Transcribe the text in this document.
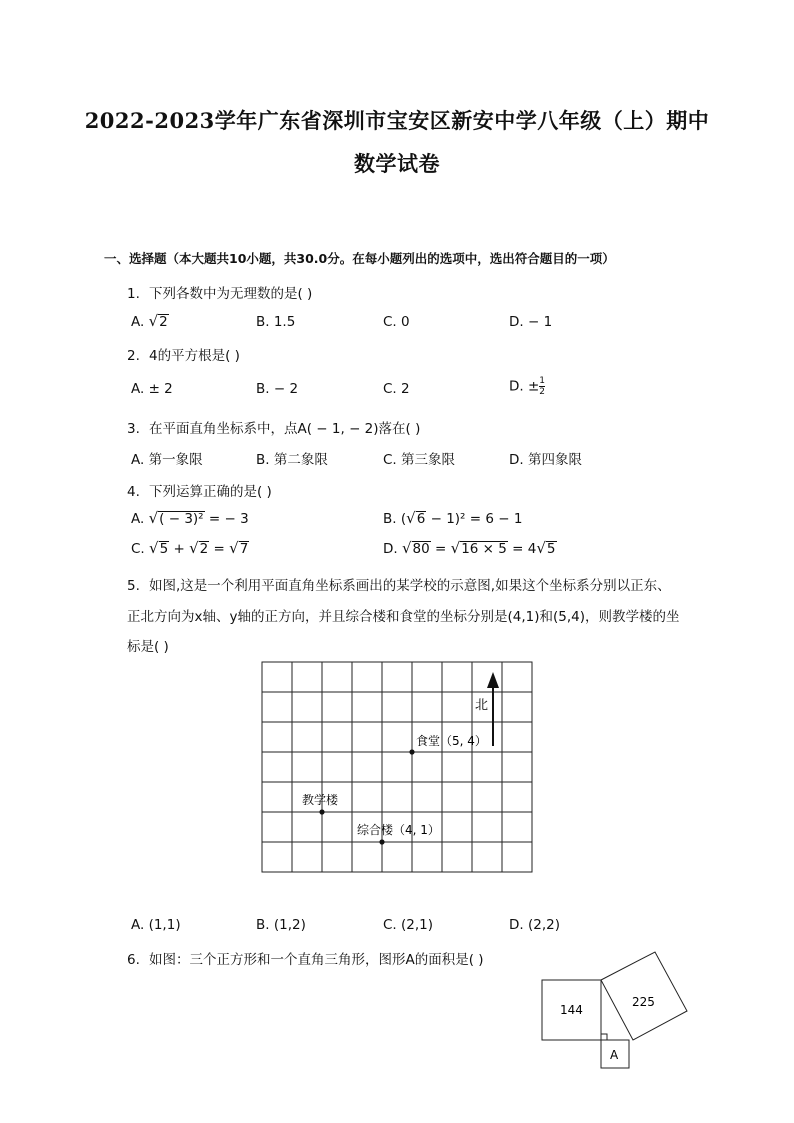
2022-2023学年广东省深圳市宝安区新安中学八年级（上）期中
数学试卷
一、选择题（本大题共10小题，共30.0分。在每小题列出的选项中，选出符合题目的一项）
1. 下列各数中为无理数的是( )
A. √2	B. 1.5	C. 0	D. − 1
2. 4的平方根是( )
A. ± 2	B. − 2	C. 2	D. ± $\frac{1}{2}$
3. 在平面直角坐标系中，点A( − 1, − 2)落在( )
A. 第一象限	B. 第二象限	C. 第三象限	D. 第四象限
4. 下列运算正确的是( )
A. √( − 3)² = − 3	B. (√6 − 1)² = 6 − 1
C. √5 + √2 = √7	D. √80 = √16 × 5 = 4√5
5. 如图,这是一个利用平面直角坐标系画出的某学校的示意图,如果这个坐标系分别以正东、
正北方向为x轴、y轴的正方向，并且综合楼和食堂的坐标分别是(4,1)和(5,4)，则教学楼的坐
标是( )
北
食堂（5, 4）
教学楼
综合楼（4, 1）
A. (1,1)	B. (1,2)	C. (2,1)	D. (2,2)
6. 如图：三个正方形和一个直角三角形，图形A的面积是( )
144
225
A
